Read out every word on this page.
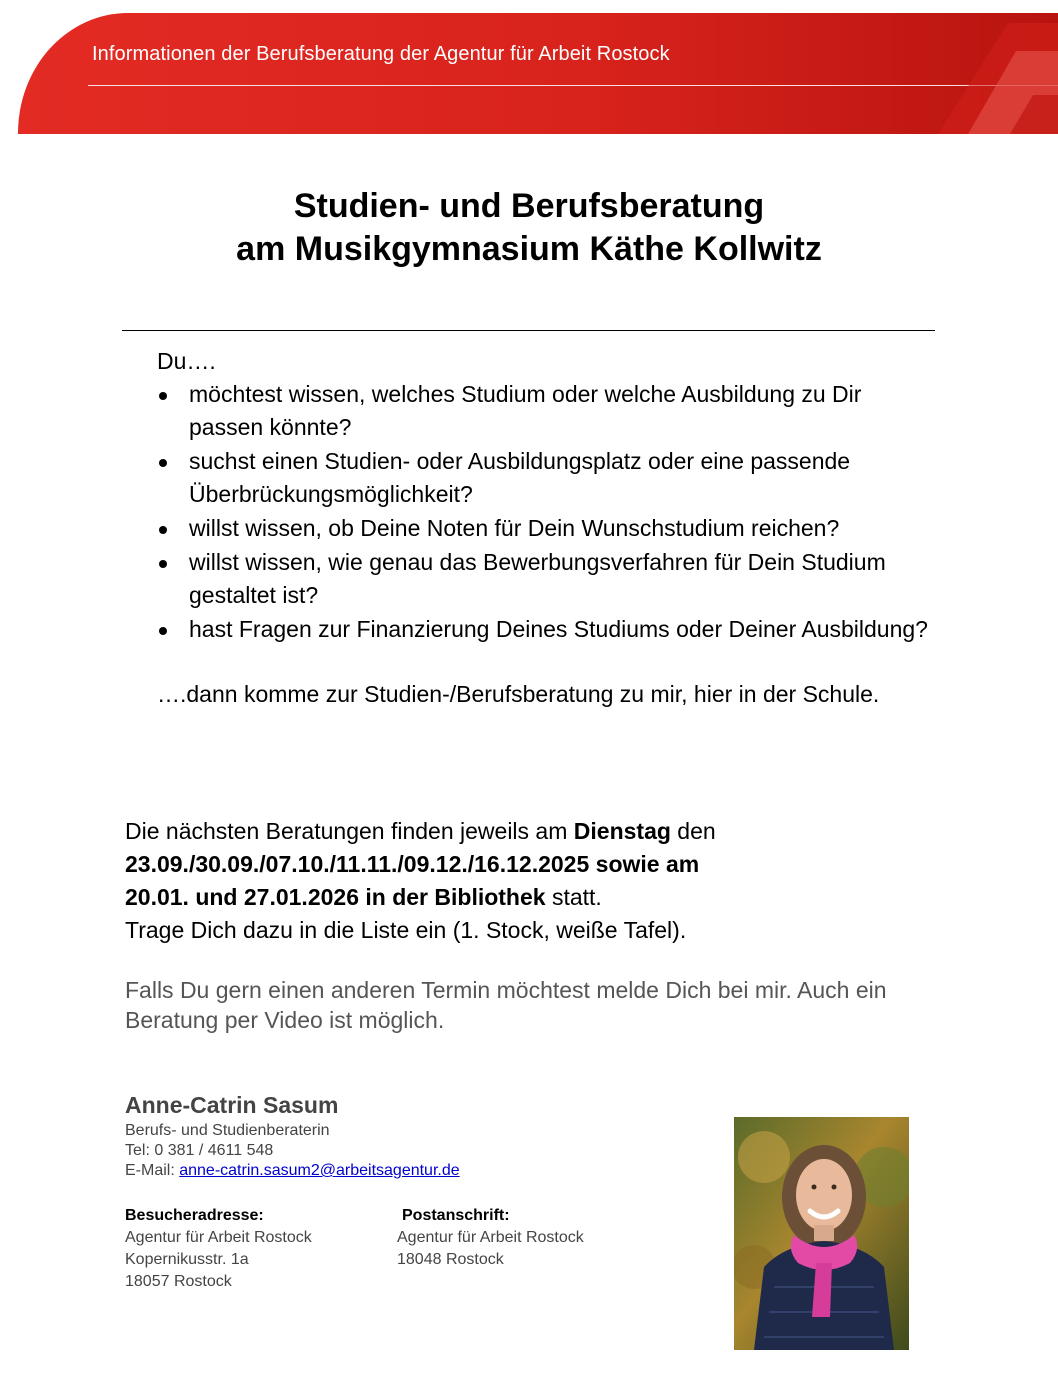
Informationen der Berufsberatung der Agentur für Arbeit Rostock
Studien- und Berufsberatung
am Musikgymnasium Käthe Kollwitz
Du….
möchtest wissen, welches Studium oder welche Ausbildung zu Dir passen könnte?
suchst einen Studien- oder Ausbildungsplatz oder eine passende Überbrückungsmöglichkeit?
willst wissen, ob Deine Noten für Dein Wunschstudium reichen?
willst wissen, wie genau das Bewerbungsverfahren für Dein Studium gestaltet ist?
hast Fragen zur Finanzierung Deines Studiums oder Deiner Ausbildung?
….dann komme zur Studien-/Berufsberatung zu mir, hier in der Schule.
Die nächsten Beratungen finden jeweils am Dienstag den
23.09./30.09./07.10./11.11./09.12./16.12.2025 sowie am
20.01. und 27.01.2026 in der Bibliothek statt.
Trage Dich dazu in die Liste ein (1. Stock, weiße Tafel).

Falls Du gern einen anderen Termin möchtest melde Dich bei mir. Auch ein Beratung per Video ist möglich.

Anne-Catrin Sasum
Berufs- und Studienberaterin
Tel: 0 381 / 4611 548
E-Mail: anne-catrin.sasum2@arbeitsagentur.de
Besucheradresse:
Agentur für Arbeit Rostock
Kopernikusstr. 1a
18057 Rostock
Postanschrift:
Agentur für Arbeit Rostock
18048 Rostock
